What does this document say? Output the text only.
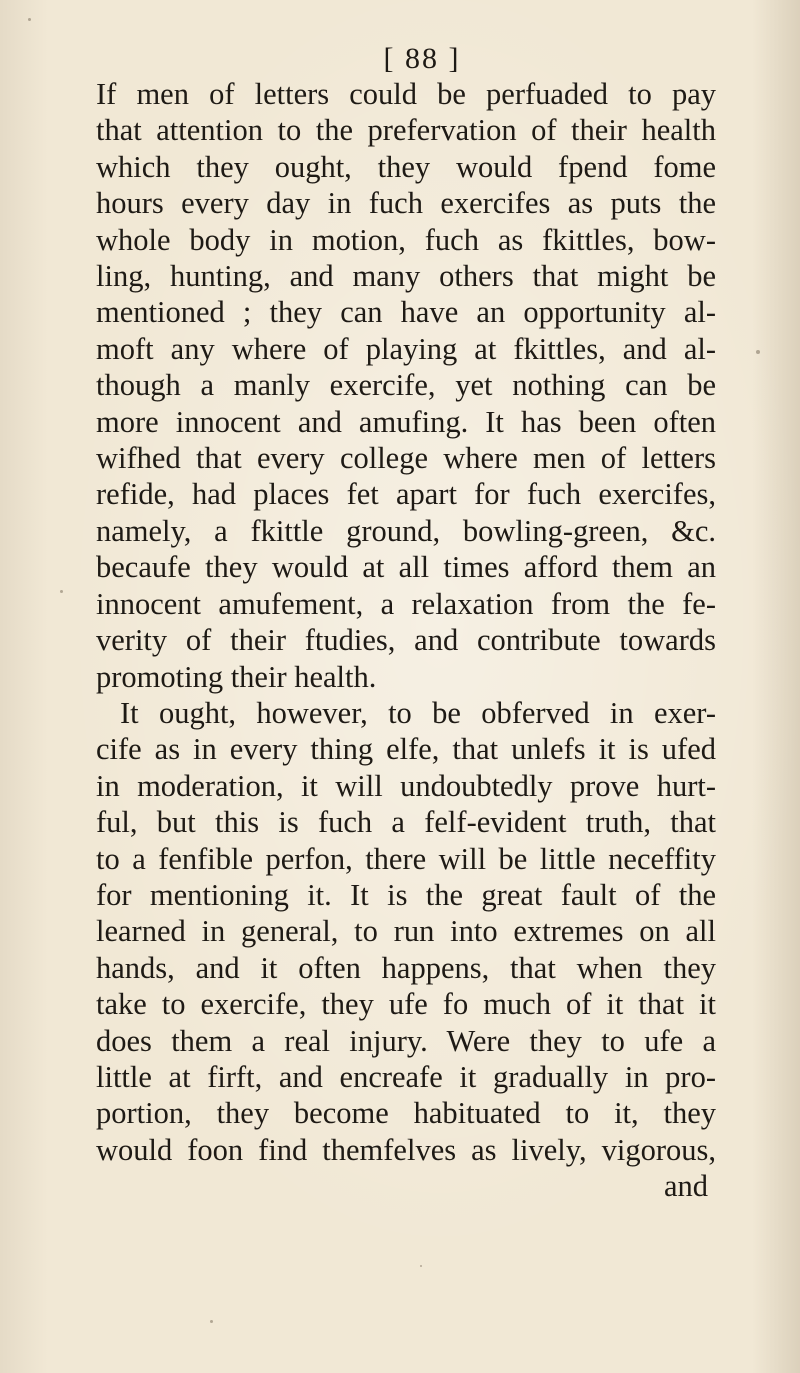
[ 88 ]
If men of letters could be perfuaded to pay
that attention to the prefervation of their health
which they ought, they would fpend fome
hours every day in fuch exercifes as puts the
whole body in motion, fuch as fkittles, bow-
ling, hunting, and many others that might be
mentioned ; they can have an opportunity al-
moft any where of playing at fkittles, and al-
though a manly exercife, yet nothing can be
more innocent and amufing. It has been often
wifhed that every college where men of letters
refide, had places fet apart for fuch exercifes,
namely, a fkittle ground, bowling-green, &c.
becaufe they would at all times afford them an
innocent amufement, a relaxation from the fe-
verity of their ftudies, and contribute towards
promoting their health.
It ought, however, to be obferved in exer-
cife as in every thing elfe, that unlefs it is ufed
in moderation, it will undoubtedly prove hurt-
ful, but this is fuch a felf-evident truth, that
to a fenfible perfon, there will be little neceffity
for mentioning it. It is the great fault of the
learned in general, to run into extremes on all
hands, and it often happens, that when they
take to exercife, they ufe fo much of it that it
does them a real injury. Were they to ufe a
little at firft, and encreafe it gradually in pro-
portion, they become habituated to it, they
would foon find themfelves as lively, vigorous,
and
